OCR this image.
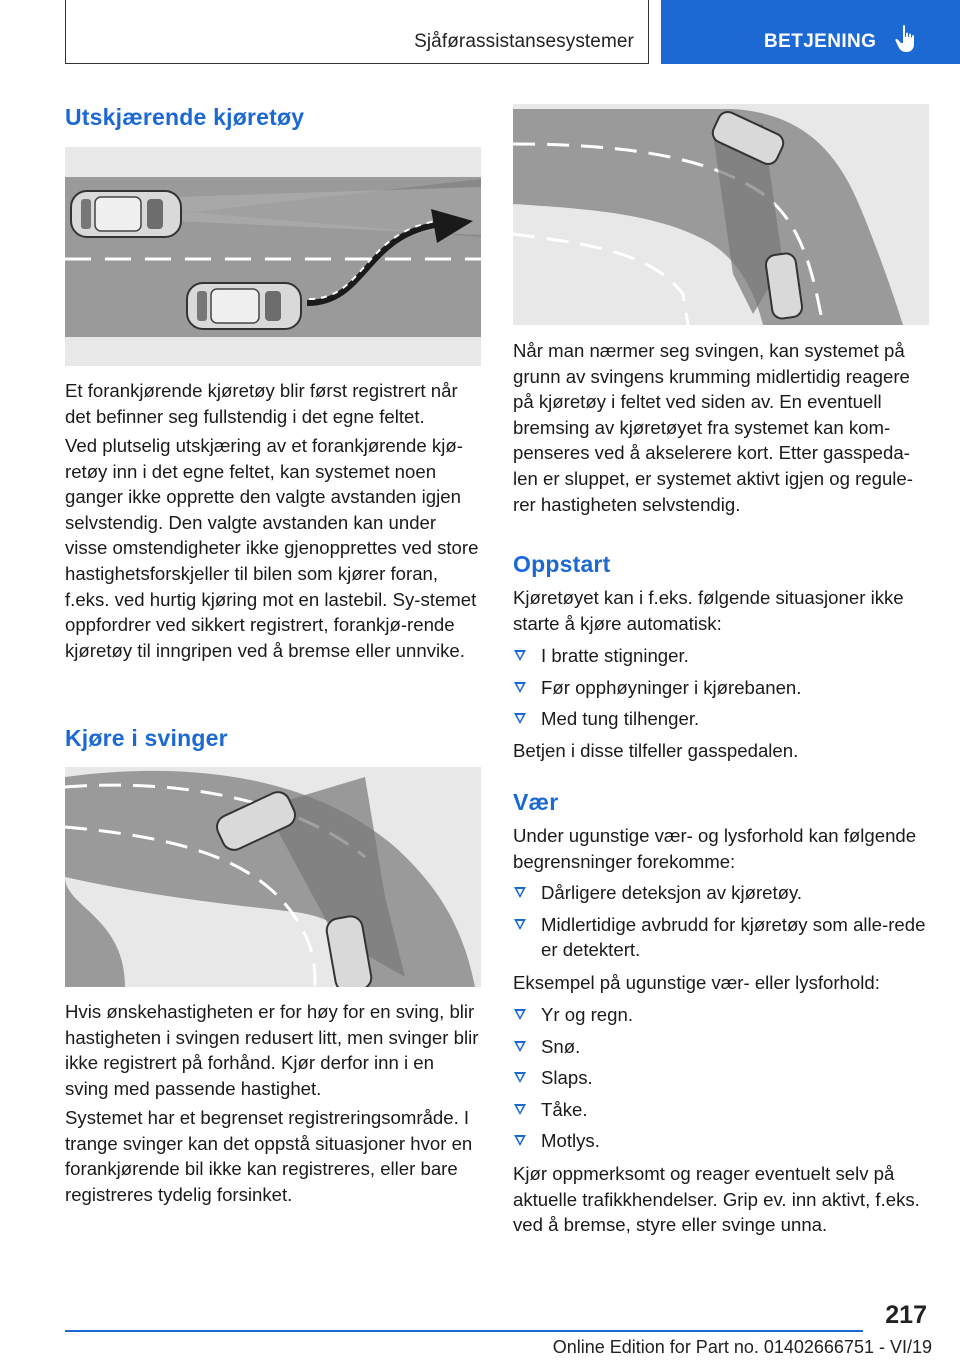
Sjåførassistansesystemer	BETJENING
Utskjærende kjøretøy

Et forankjørende kjøretøy blir først registrert når det befinner seg fullstendig i det egne feltet.

Ved plutselig utskjæring av et forankjørende kjø‐retøy inn i det egne feltet, kan systemet noen ganger ikke opprette den valgte avstanden igjen selvstendig. Den valgte avstanden kan under visse omstendigheter ikke gjenopprettes ved store hastighetsforskjeller til bilen som kjører foran, f.eks. ved hurtig kjøring mot en lastebil. Sy‐stemet oppfordrer ved sikkert registrert, forankjø‐rende kjøretøy til inngripen ved å bremse eller unnvike.

Kjøre i svinger

Hvis ønskehastigheten er for høy for en sving, blir hastigheten i svingen redusert litt, men svinger blir ikke registrert på forhånd. Kjør derfor inn i en sving med passende hastighet.

Systemet har et begrenset registreringsområde. I trange svinger kan det oppstå situasjoner hvor en forankjørende bil ikke kan registreres, eller bare registreres tydelig forsinket.

Når man nærmer seg svingen, kan systemet på grunn av svingens krumming midlertidig reagere på kjøretøy i feltet ved siden av. En eventuell bremsing av kjøretøyet fra systemet kan kom‐penseres ved å akselerere kort. Etter gasspeda‐len er sluppet, er systemet aktivt igjen og regule‐rer hastigheten selvstendig.

Oppstart

Kjøretøyet kan i f.eks. følgende situasjoner ikke starte å kjøre automatisk:

I bratte stigninger.
Før opphøyninger i kjørebanen.
Med tung tilhenger.

Betjen i disse tilfeller gasspedalen.

Vær

Under ugunstige vær- og lysforhold kan følgende begrensninger forekomme:

Dårligere deteksjon av kjøretøy.
Midlertidige avbrudd for kjøretøy som alle‐rede er detektert.

Eksempel på ugunstige vær- eller lysforhold:

Yr og regn.
Snø.
Slaps.
Tåke.
Motlys.

Kjør oppmerksomt og reager eventuelt selv på aktuelle trafikkhendelser. Grip ev. inn aktivt, f.eks. ved å bremse, styre eller svinge unna.

217
Online Edition for Part no. 01402666751 - VI/19
